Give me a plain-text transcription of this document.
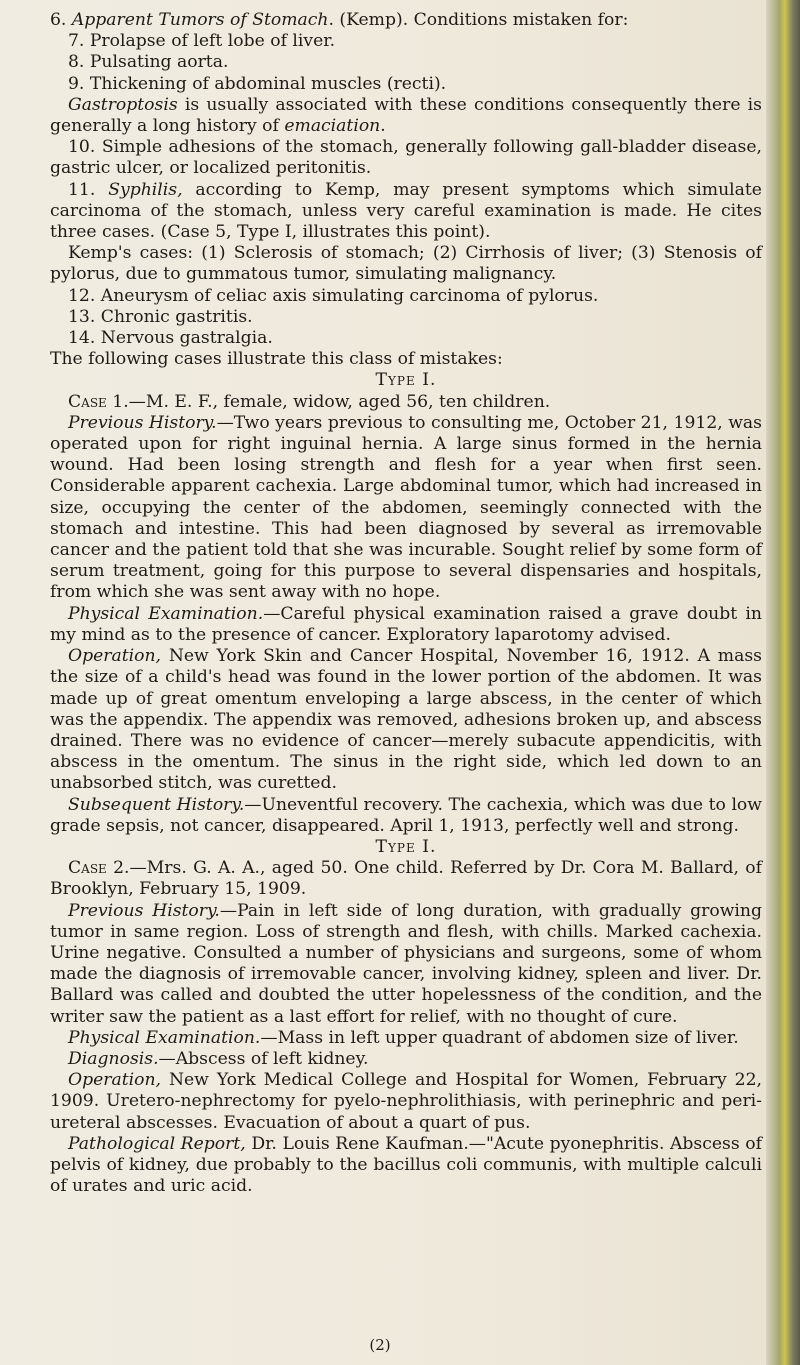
6. Apparent Tumors of Stomach. (Kemp). Conditions mistaken for:

7. Prolapse of left lobe of liver.

8. Pulsating aorta.

9. Thickening of abdominal muscles (recti).

Gastroptosis is usually associated with these conditions consequently there is generally a long history of emaciation.

10. Simple adhesions of the stomach, generally following gall-bladder disease, gastric ulcer, or localized peritonitis.

11. Syphilis, according to Kemp, may present symptoms which simulate carcinoma of the stomach, unless very careful examination is made. He cites three cases. (Case 5, Type I, illustrates this point).

Kemp's cases: (1) Sclerosis of stomach; (2) Cirrhosis of liver; (3) Stenosis of pylorus, due to gummatous tumor, simulating malignancy.

12. Aneurysm of celiac axis simulating carcinoma of pylorus.

13. Chronic gastritis.

14. Nervous gastralgia.

The following cases illustrate this class of mistakes:

Type I.

Case 1.—M. E. F., female, widow, aged 56, ten children.

Previous History.—Two years previous to consulting me, October 21, 1912, was operated upon for right inguinal hernia. A large sinus formed in the hernia wound. Had been losing strength and flesh for a year when first seen. Considerable apparent cachexia. Large abdominal tumor, which had increased in size, occupying the center of the abdomen, seemingly connected with the stomach and intestine. This had been diagnosed by several as irremovable cancer and the patient told that she was incurable. Sought relief by some form of serum treatment, going for this purpose to several dispensaries and hospitals, from which she was sent away with no hope.

Physical Examination.—Careful physical examination raised a grave doubt in my mind as to the presence of cancer. Exploratory laparotomy advised.

Operation, New York Skin and Cancer Hospital, November 16, 1912. A mass the size of a child's head was found in the lower portion of the abdomen. It was made up of great omentum enveloping a large abscess, in the center of which was the appendix. The appendix was removed, adhesions broken up, and abscess drained. There was no evidence of cancer—merely subacute appendicitis, with abscess in the omentum. The sinus in the right side, which led down to an unabsorbed stitch, was curetted.

Subsequent History.—Uneventful recovery. The cachexia, which was due to low grade sepsis, not cancer, disappeared. April 1, 1913, perfectly well and strong.

Type I.

Case 2.—Mrs. G. A. A., aged 50. One child. Referred by Dr. Cora M. Ballard, of Brooklyn, February 15, 1909.

Previous History.—Pain in left side of long duration, with gradually growing tumor in same region. Loss of strength and flesh, with chills. Marked cachexia. Urine negative. Consulted a number of physicians and surgeons, some of whom made the diagnosis of irremovable cancer, involving kidney, spleen and liver. Dr. Ballard was called and doubted the utter hopelessness of the condition, and the writer saw the patient as a last effort for relief, with no thought of cure.

Physical Examination.—Mass in left upper quadrant of abdomen size of liver.

Diagnosis.—Abscess of left kidney.

Operation, New York Medical College and Hospital for Women, February 22, 1909. Uretero-nephrectomy for pyelo-nephrolithiasis, with perinephric and peri-ureteral abscesses. Evacuation of about a quart of pus.

Pathological Report, Dr. Louis Rene Kaufman.—"Acute pyonephritis. Abscess of pelvis of kidney, due probably to the bacillus coli communis, with multiple calculi of urates and uric acid.

(2)
